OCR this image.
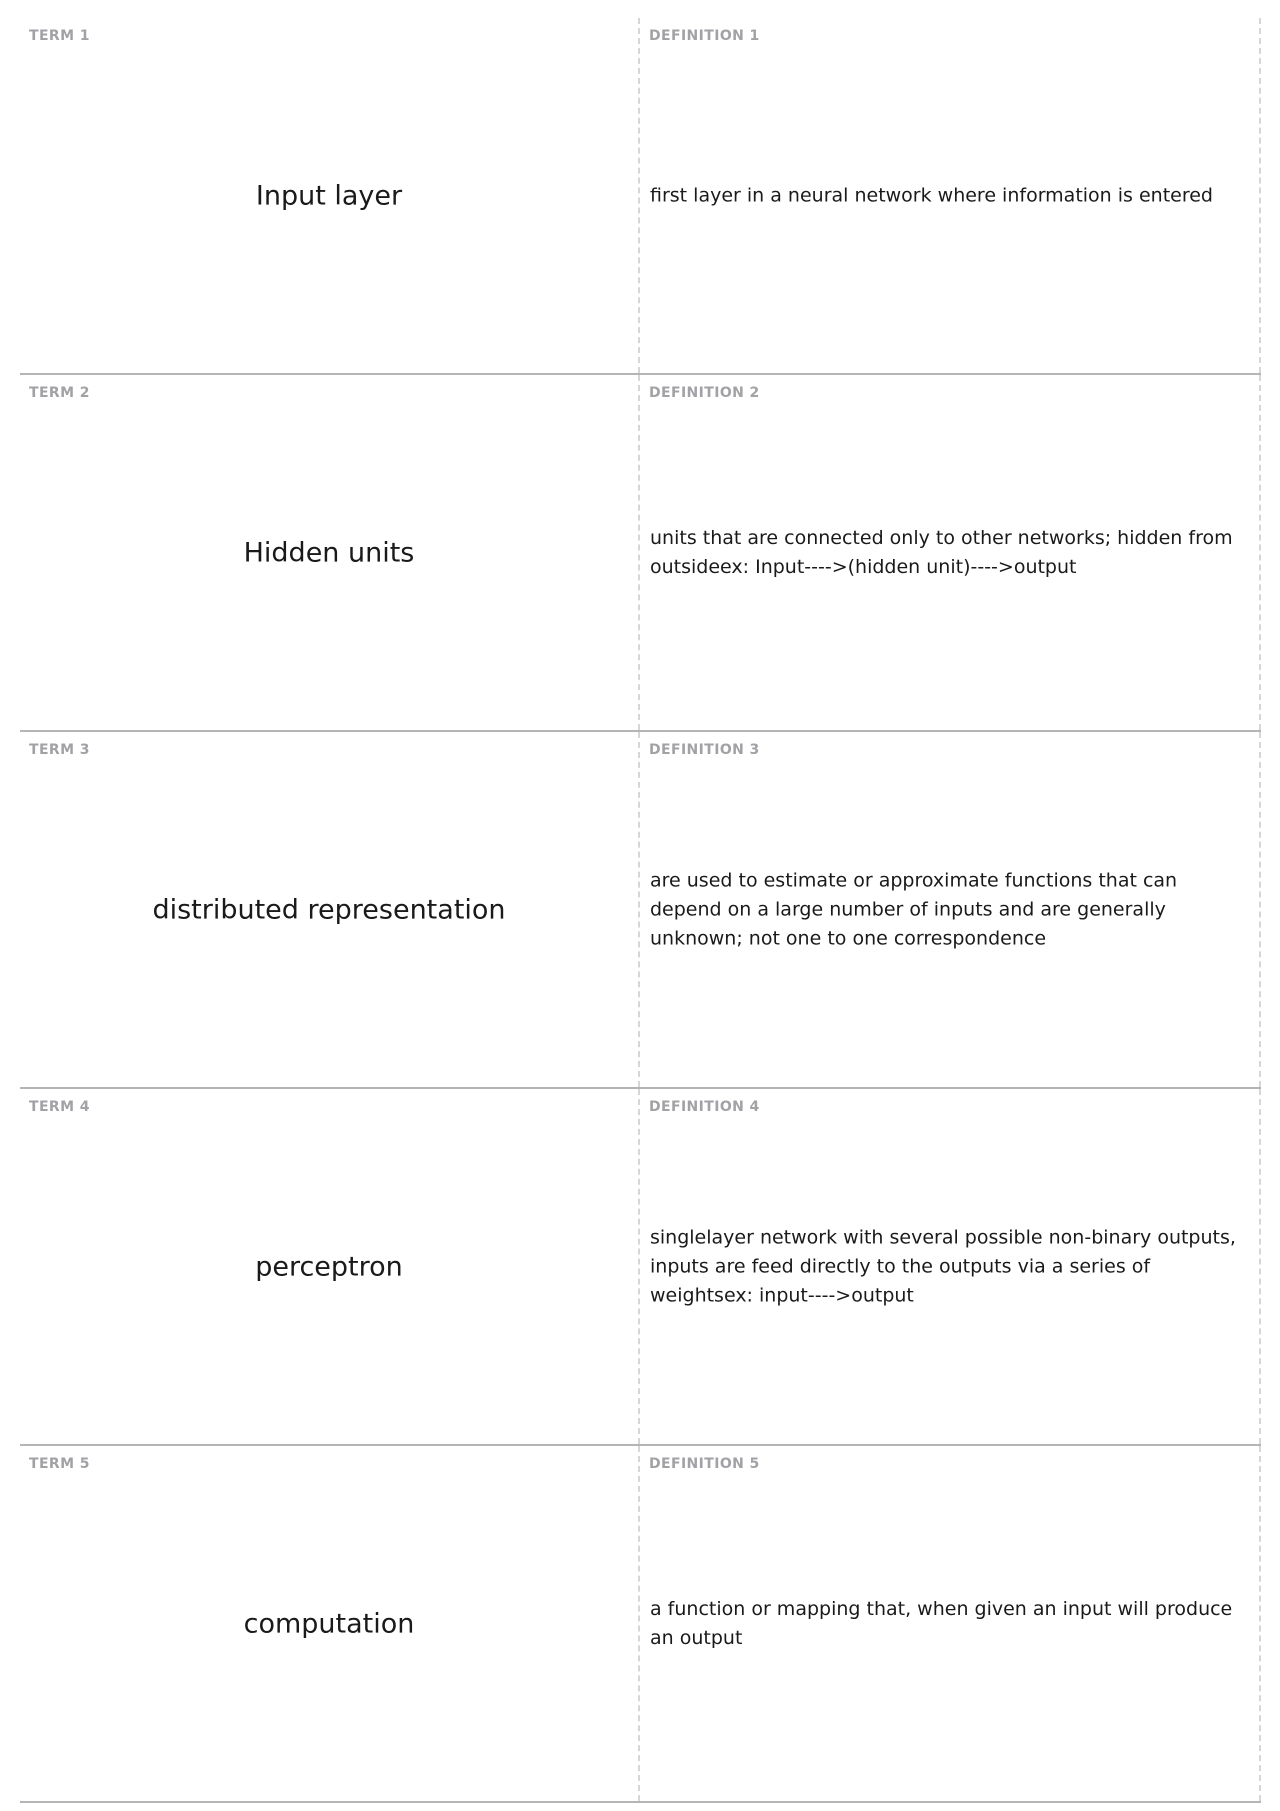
TERM 1
Input layer
DEFINITION 1
first layer in a neural network where information is entered
TERM 2
Hidden units
DEFINITION 2
units that are connected only to other networks; hidden from outsideex: Input---->(hidden unit)---->output
TERM 3
distributed representation
DEFINITION 3
are used to estimate or approximate functions that can depend on a large number of inputs and are generally unknown; not one to one correspondence
TERM 4
perceptron
DEFINITION 4
singlelayer network with several possible non-binary outputs, inputs are feed directly to the outputs via a series of weightsex: input---->output
TERM 5
computation
DEFINITION 5
a function or mapping that, when given an input will produce an output
